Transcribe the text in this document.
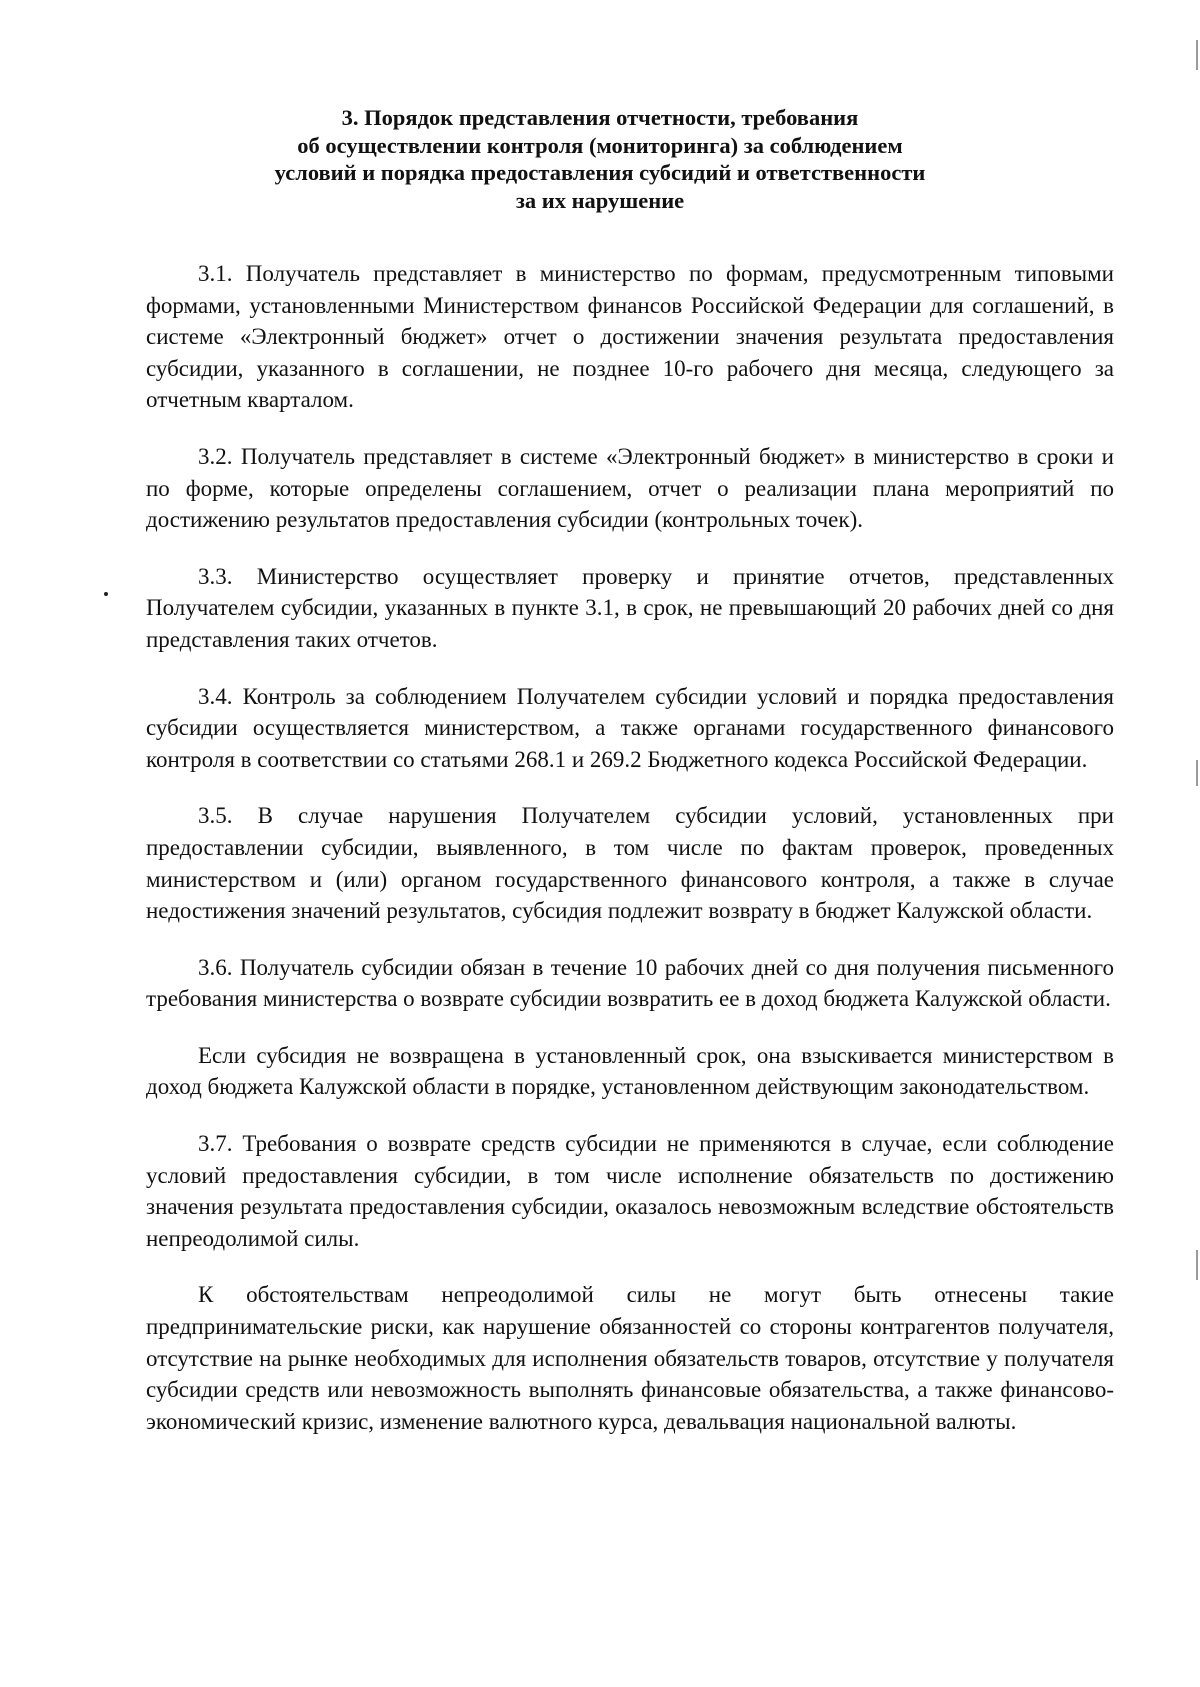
3. Порядок представления отчетности, требования
об осуществлении контроля (мониторинга) за соблюдением
условий и порядка предоставления субсидий и ответственности
за их нарушение

3.1. Получатель представляет в министерство по формам, предусмотренным типовыми формами, установленными Министерством финансов Российской Федерации для соглашений, в системе «Электронный бюджет» отчет о достижении значения результата предоставления субсидии, указанного в соглашении, не позднее 10-го рабочего дня месяца, следующего за отчетным кварталом.

3.2. Получатель представляет в системе «Электронный бюджет» в министерство в сроки и по форме, которые определены соглашением, отчет о реализации плана мероприятий по достижению результатов предоставления субсидии (контрольных точек).

3.3. Министерство осуществляет проверку и принятие отчетов, представленных Получателем субсидии, указанных в пункте 3.1, в срок, не превышающий 20 рабочих дней со дня представления таких отчетов.

3.4. Контроль за соблюдением Получателем субсидии условий и порядка предоставления субсидии осуществляется министерством, а также органами государственного финансового контроля в соответствии со статьями 268.1 и 269.2 Бюджетного кодекса Российской Федерации.

3.5. В случае нарушения Получателем субсидии условий, установленных при предоставлении субсидии, выявленного, в том числе по фактам проверок, проведенных министерством и (или) органом государственного финансового контроля, а также в случае недостижения значений результатов, субсидия подлежит возврату в бюджет Калужской области.

3.6. Получатель субсидии обязан в течение 10 рабочих дней со дня получения письменного требования министерства о возврате субсидии возвратить ее в доход бюджета Калужской области.

Если субсидия не возвращена в установленный срок, она взыскивается министерством в доход бюджета Калужской области в порядке, установленном действующим законодательством.

3.7. Требования о возврате средств субсидии не применяются в случае, если соблюдение условий предоставления субсидии, в том числе исполнение обязательств по достижению значения результата предоставления субсидии, оказалось невозможным вследствие обстоятельств непреодолимой силы.

К обстоятельствам непреодолимой силы не могут быть отнесены такие предпринимательские риски, как нарушение обязанностей со стороны контрагентов получателя, отсутствие на рынке необходимых для исполнения обязательств товаров, отсутствие у получателя субсидии средств или невозможность выполнять финансовые обязательства, а также финансово-экономический кризис, изменение валютного курса, девальвация национальной валюты.
